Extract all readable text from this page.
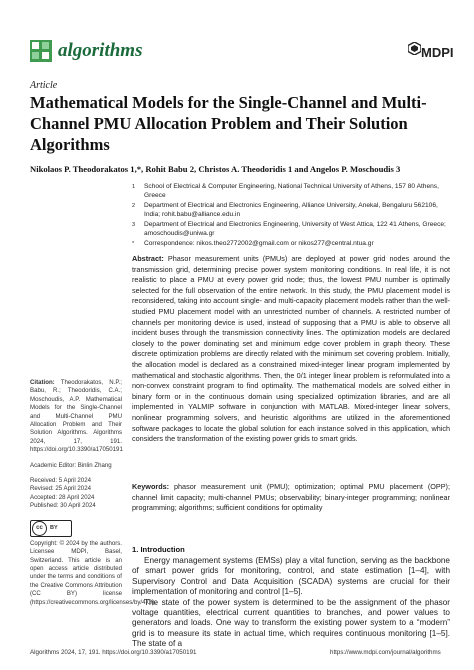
algorithms	MDPI
Article
Mathematical Models for the Single-Channel and Multi-Channel PMU Allocation Problem and Their Solution Algorithms
Nikolaos P. Theodorakatos 1,*, Rohit Babu 2, Christos A. Theodoridis 1 and Angelos P. Moschoudis 3
1 School of Electrical & Computer Engineering, National Technical University of Athens, 157 80 Athens, Greece
2 Department of Electrical and Electronics Engineering, Alliance University, Anekal, Bengaluru 562106, India; rohit.babu@alliance.edu.in
3 Department of Electrical and Electronics Engineering, University of West Attica, 122 41 Athens, Greece; amoschoudis@uniwa.gr
* Correspondence: nikos.theo2772002@gmail.com or nikos277@central.ntua.gr
Abstract: Phasor measurement units (PMUs) are deployed at power grid nodes around the transmission grid, determining precise power system monitoring conditions. In real life, it is not realistic to place a PMU at every power grid node; thus, the lowest PMU number is optimally selected for the full observation of the entire network. In this study, the PMU placement model is reconsidered, taking into account single- and multi-capacity placement models rather than the well-studied PMU placement model with an unrestricted number of channels. A restricted number of channels per monitoring device is used, instead of supposing that a PMU is able to observe all incident buses through the transmission connectivity lines. The optimization models are declared closely to the power dominating set and minimum edge cover problem in graph theory. These discrete optimization problems are directly related with the minimum set covering problem. Initially, the allocation model is declared as a constrained mixed-integer linear program implemented by mathematical and stochastic algorithms. Then, the 0/1 integer linear problem is reformulated into a non-convex constraint program to find optimality. The mathematical models are solved either in binary form or in the continuous domain using specialized optimization libraries, and are all implemented in YALMIP software in conjunction with MATLAB. Mixed-integer linear solvers, nonlinear programming solvers, and heuristic algorithms are utilized in the aforementioned software packages to locate the global solution for each instance solved in this application, which considers the transformation of the existing power grids to smart grids.
Keywords: phasor measurement unit (PMU); optimization; optimal PMU placement (OPP); channel limit capacity; multi-channel PMUs; observability; binary-integer programming; nonlinear programming; algorithms; sufficient conditions for optimality
Citation: Theodorakatos, N.P.; Babu, R.; Theodoridis, C.A.; Moschoudis, A.P. Mathematical Models for the Single-Channel and Multi-Channel PMU Allocation Problem and Their Solution Algorithms. Algorithms 2024, 17, 191. https://doi.org/10.3390/a17050191
Academic Editor: Binlin Zhang
Received: 5 April 2024
Revised: 25 April 2024
Accepted: 28 April 2024
Published: 30 April 2024
cc	BY
Copyright: © 2024 by the authors. Licensee MDPI, Basel, Switzerland. This article is an open access article distributed under the terms and conditions of the Creative Commons Attribution (CC BY) license (https://creativecommons.org/licenses/by/4.0/).
1. Introduction

Energy management systems (EMSs) play a vital function, serving as the backbone of smart power grids for monitoring, control, and state estimation [1–4], with Supervisory Control and Data Acquisition (SCADA) systems are crucial for their implementation of monitoring and control [1–5].

The state of the power system is determined to be the assignment of the phasor voltage quantities, electrical current quantities to branches, and power values to generators and loads. One way to transform the existing power system to a “modern” grid is to measure its state in actual time, which requires continuous monitoring [1–5]. The state of a

Algorithms 2024, 17, 191. https://doi.org/10.3390/a17050191	https://www.mdpi.com/journal/algorithms
